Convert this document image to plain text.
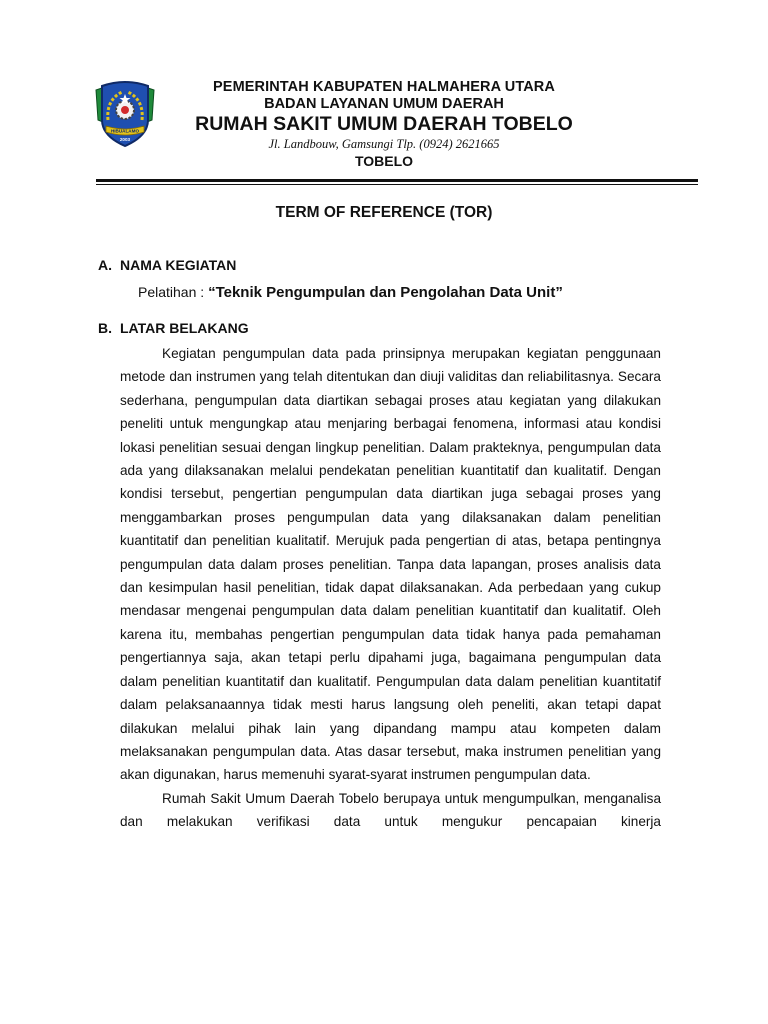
HIBUALAMO
2003
PEMERINTAH KABUPATEN HALMAHERA UTARA
BADAN LAYANAN UMUM DAERAH
RUMAH SAKIT UMUM DAERAH TOBELO
Jl. Landbouw, Gamsungi Tlp. (0924) 2621665
TOBELO
TERM OF REFERENCE (TOR)
A. NAMA KEGIATAN
Pelatihan : “Teknik Pengumpulan dan Pengolahan Data Unit”
B. LATAR BELAKANG

Kegiatan pengumpulan data pada prinsipnya merupakan kegiatan penggunaan metode dan instrumen yang telah ditentukan dan diuji validitas dan reliabilitasnya. Secara sederhana, pengumpulan data diartikan sebagai proses atau kegiatan yang dilakukan peneliti untuk mengungkap atau menjaring berbagai fenomena, informasi atau kondisi lokasi penelitian sesuai dengan lingkup penelitian. Dalam prakteknya, pengumpulan data ada yang dilaksanakan melalui pendekatan penelitian kuantitatif dan kualitatif. Dengan kondisi tersebut, pengertian pengumpulan data diartikan juga sebagai proses yang menggambarkan proses pengumpulan data yang dilaksanakan dalam penelitian kuantitatif dan penelitian kualitatif. Merujuk pada pengertian di atas, betapa pentingnya pengumpulan data dalam proses penelitian. Tanpa data lapangan, proses analisis data dan kesimpulan hasil penelitian, tidak dapat dilaksanakan. Ada perbedaan yang cukup mendasar mengenai pengumpulan data dalam penelitian kuantitatif dan kualitatif. Oleh karena itu, membahas pengertian pengumpulan data tidak hanya pada pemahaman pengertiannya saja, akan tetapi perlu dipahami juga, bagaimana pengumpulan data dalam penelitian kuantitatif dan kualitatif. Pengumpulan data dalam penelitian kuantitatif dalam pelaksanaannya tidak mesti harus langsung oleh peneliti, akan tetapi dapat dilakukan melalui pihak lain yang dipandang mampu atau kompeten dalam melaksanakan pengumpulan data. Atas dasar tersebut, maka instrumen penelitian yang akan digunakan, harus memenuhi syarat-syarat instrumen pengumpulan data.

Rumah Sakit Umum Daerah Tobelo berupaya untuk mengumpulkan, menganalisa dan melakukan verifikasi data untuk mengukur pencapaian kinerja
